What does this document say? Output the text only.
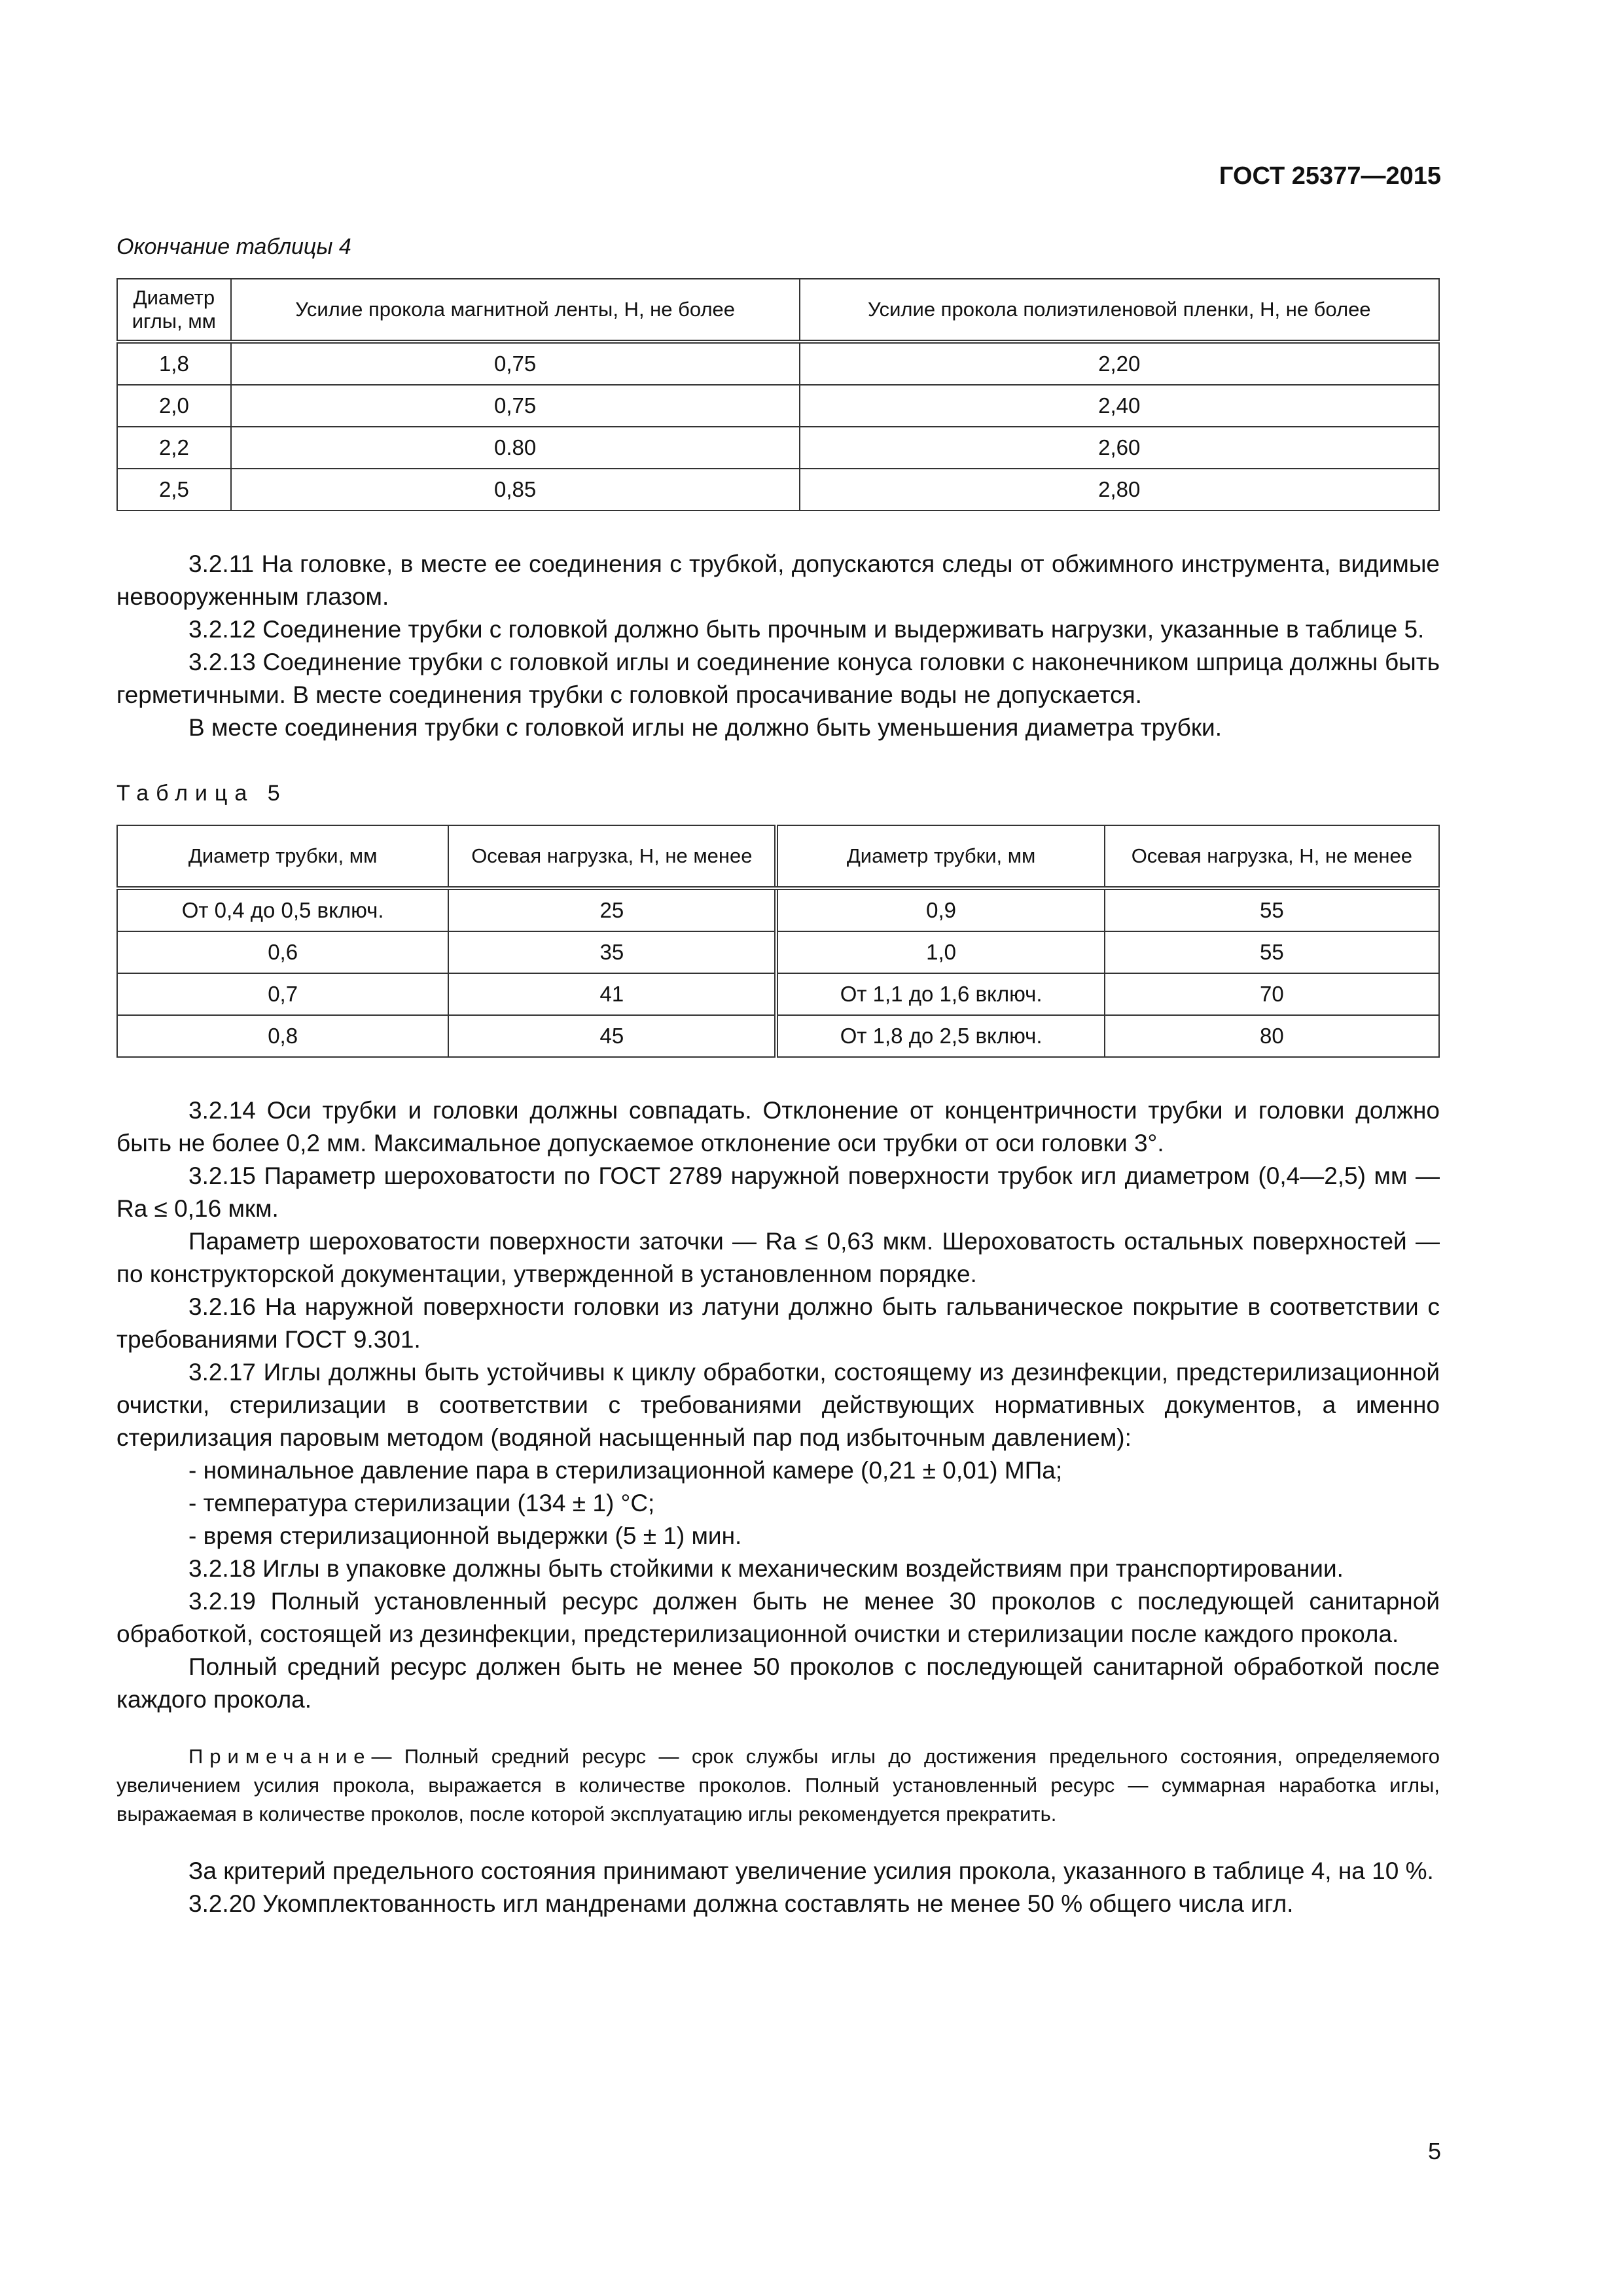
ГОСТ 25377—2015
Окончание таблицы 4
Диаметр иглы, мм	Усилие прокола магнитной ленты, Н, не более	Усилие прокола полиэтиленовой пленки, Н, не более
1,8	0,75	2,20
2,0	0,75	2,40
2,2	0.80	2,60
2,5	0,85	2,80

3.2.11 На головке, в месте ее соединения с трубкой, допускаются следы от обжимного инструмента, видимые невооруженным глазом.

3.2.12 Соединение трубки с головкой должно быть прочным и выдерживать нагрузки, указанные в таблице 5.

3.2.13 Соединение трубки с головкой иглы и соединение конуса головки с наконечником шприца должны быть герметичными. В месте соединения трубки с головкой просачивание воды не допускается.

В месте соединения трубки с головкой иглы не должно быть уменьшения диаметра трубки.

Таблица 5
Диаметр трубки, мм	Осевая нагрузка, Н, не менее	Диаметр трубки, мм	Осевая нагрузка, Н, не менее
От 0,4 до 0,5 включ.	25	0,9	55
0,6	35	1,0	55
0,7	41	От 1,1 до 1,6 включ.	70
0,8	45	От 1,8 до 2,5 включ.	80

3.2.14 Оси трубки и головки должны совпадать. Отклонение от концентричности трубки и головки должно быть не более 0,2 мм. Максимальное допускаемое отклонение оси трубки от оси головки 3°.

3.2.15 Параметр шероховатости по ГОСТ 2789 наружной поверхности трубок игл диаметром (0,4—2,5) мм — Ra ≤ 0,16 мкм.

Параметр шероховатости поверхности заточки — Ra ≤ 0,63 мкм. Шероховатость остальных поверхностей — по конструкторской документации, утвержденной в установленном порядке.

3.2.16 На наружной поверхности головки из латуни должно быть гальваническое покрытие в соответствии с требованиями ГОСТ 9.301.

3.2.17 Иглы должны быть устойчивы к циклу обработки, состоящему из дезинфекции, предстерилизационной очистки, стерилизации в соответствии с требованиями действующих нормативных документов, а именно стерилизация паровым методом (водяной насыщенный пар под избыточным давлением):

- номинальное давление пара в стерилизационной камере (0,21 ± 0,01) МПа;

- температура стерилизации (134 ± 1) °С;

- время стерилизационной выдержки (5 ± 1) мин.

3.2.18 Иглы в упаковке должны быть стойкими к механическим воздействиям при транспортировании.

3.2.19 Полный установленный ресурс должен быть не менее 30 проколов с последующей санитарной обработкой, состоящей из дезинфекции, предстерилизационной очистки и стерилизации после каждого прокола.

Полный средний ресурс должен быть не менее 50 проколов с последующей санитарной обработкой после каждого прокола.

Примечание— Полный средний ресурс — срок службы иглы до достижения предельного состояния, определяемого увеличением усилия прокола, выражается в количестве проколов. Полный установленный ресурс — суммарная наработка иглы, выражаемая в количестве проколов, после которой эксплуатацию иглы рекомендуется прекратить.

За критерий предельного состояния принимают увеличение усилия прокола, указанного в таблице 4, на 10 %.

3.2.20 Укомплектованность игл мандренами должна составлять не менее 50 % общего числа игл.

5
